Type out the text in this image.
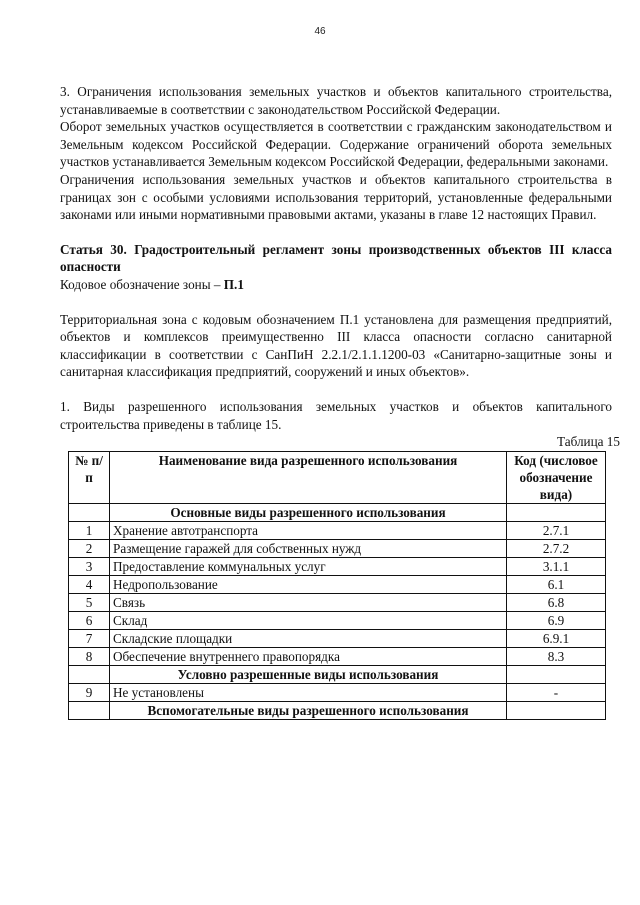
46

3. Ограничения использования земельных участков и объектов капитального строительства, устанавливаемые в соответствии с законодательством Российской Федерации.

Оборот земельных участков осуществляется в соответствии с гражданским законодательством и Земельным кодексом Российской Федерации. Содержание ограничений оборота земельных участков устанавливается Земельным кодексом Российской Федерации, федеральными законами.

Ограничения использования земельных участков и объектов капитального строительства в границах зон с особыми условиями использования территорий, установленные федеральными законами или иными нормативными правовыми актами, указаны в главе 12 настоящих Правил.

Статья 30. Градостроительный регламент зоны производственных объектов III класса опасности

Кодовое обозначение зоны – П.1

Территориальная зона с кодовым обозначением П.1 установлена для размещения предприятий, объектов и комплексов преимущественно III класса опасности согласно санитарной классификации в соответствии с СанПиН 2.2.1/2.1.1.1200-03 «Санитарно-защитные зоны и санитарная классификация предприятий, сооружений и иных объектов».

1. Виды разрешенного использования земельных участков и объектов капитального строительства приведены в таблице 15.

Таблица 15

№ п/п	Наименование вида разрешенного использования	Код (числовое обозначение вида)
	Основные виды разрешенного использования	
1	Хранение автотранспорта	2.7.1
2	Размещение гаражей для собственных нужд	2.7.2
3	Предоставление коммунальных услуг	3.1.1
4	Недропользование	6.1
5	Связь	6.8
6	Склад	6.9
7	Складские площадки	6.9.1
8	Обеспечение внутреннего правопорядка	8.3
	Условно разрешенные виды использования	
9	Не установлены	-
	Вспомогательные виды разрешенного использования	
